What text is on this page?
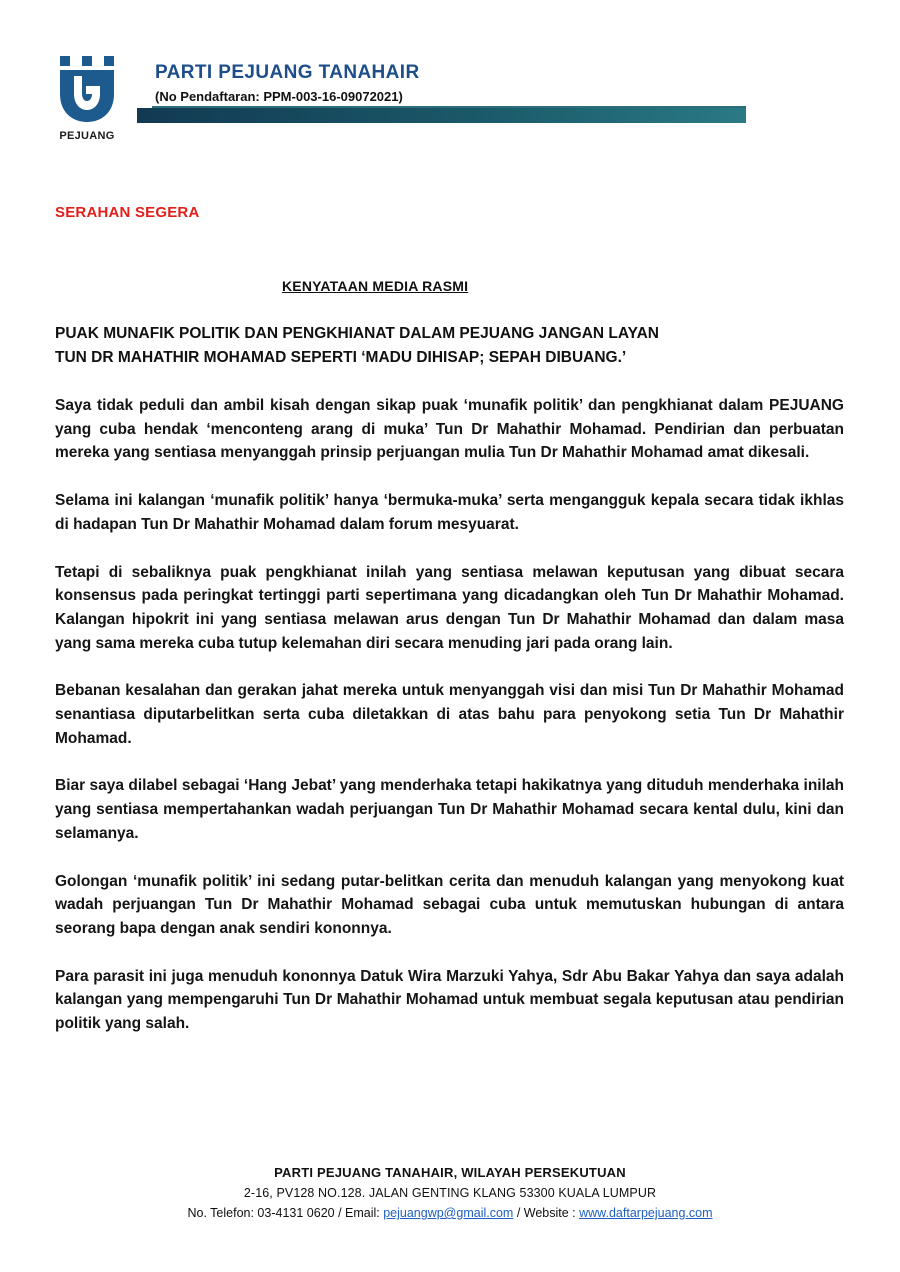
PEJUANG
PARTI PEJUANG TANAHAIR
(No Pendaftaran: PPM-003-16-09072021)
SERAHAN SEGERA
KENYATAAN MEDIA RASMI
PUAK MUNAFIK POLITIK DAN PENGKHIANAT DALAM PEJUANG JANGAN LAYAN
TUN DR MAHATHIR MOHAMAD SEPERTI ‘MADU DIHISAP; SEPAH DIBUANG.’

Saya tidak peduli dan ambil kisah dengan sikap puak ‘munafik politik’ dan pengkhianat dalam PEJUANG yang cuba hendak ‘menconteng arang di muka’ Tun Dr Mahathir Mohamad. Pendirian dan perbuatan mereka yang sentiasa menyanggah prinsip perjuangan mulia Tun Dr Mahathir Mohamad amat dikesali.

Selama ini kalangan ‘munafik politik’ hanya ‘bermuka-muka’ serta mengangguk kepala secara tidak ikhlas di hadapan Tun Dr Mahathir Mohamad dalam forum mesyuarat.

Tetapi di sebaliknya puak pengkhianat inilah yang sentiasa melawan keputusan yang dibuat secara konsensus pada peringkat tertinggi parti sepertimana yang dicadangkan oleh Tun Dr Mahathir Mohamad. Kalangan hipokrit ini yang sentiasa melawan arus dengan Tun Dr Mahathir Mohamad dan dalam masa yang sama mereka cuba tutup kelemahan diri secara menuding jari pada orang lain.

Bebanan kesalahan dan gerakan jahat mereka untuk menyanggah visi dan misi Tun Dr Mahathir Mohamad senantiasa diputarbelitkan serta cuba diletakkan di atas bahu para penyokong setia Tun Dr Mahathir Mohamad.

Biar saya dilabel sebagai ‘Hang Jebat’ yang menderhaka tetapi hakikatnya yang dituduh menderhaka inilah yang sentiasa mempertahankan wadah perjuangan Tun Dr Mahathir Mohamad secara kental dulu, kini dan selamanya.

Golongan ‘munafik politik’ ini sedang putar-belitkan cerita dan menuduh kalangan yang menyokong kuat wadah perjuangan Tun Dr Mahathir Mohamad sebagai cuba untuk memutuskan hubungan di antara seorang bapa dengan anak sendiri kononnya.

Para parasit ini juga menuduh kononnya Datuk Wira Marzuki Yahya, Sdr Abu Bakar Yahya dan saya adalah kalangan yang mempengaruhi Tun Dr Mahathir Mohamad untuk membuat segala keputusan atau pendirian politik yang salah.

PARTI PEJUANG TANAHAIR, WILAYAH PERSEKUTUAN
2-16, PV128 NO.128. JALAN GENTING KLANG 53300 KUALA LUMPUR
No. Telefon: 03-4131 0620 / Email: pejuangwp@gmail.com / Website : www.daftarpejuang.com
